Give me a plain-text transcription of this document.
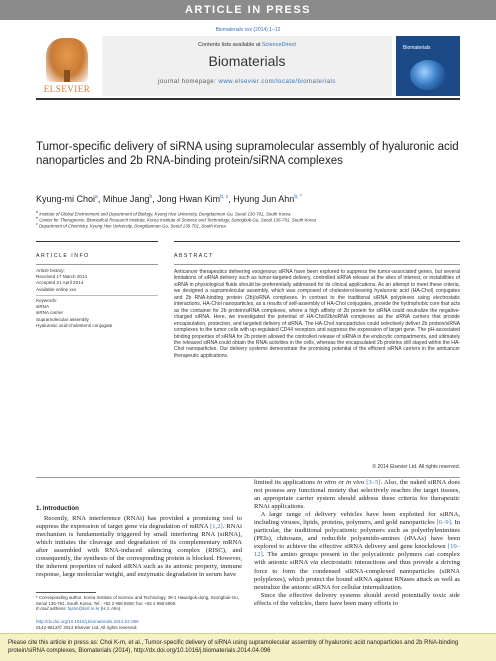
ARTICLE IN PRESS
Biomaterials xxx (2014) 1–12
ELSEVIER
Contents lists available at ScienceDirect
Biomaterials
journal homepage: www.elsevier.com/locate/biomaterials
Biomaterials
Tumor-specific delivery of siRNA using supramolecular assembly of hyaluronic acid nanoparticles and 2b RNA-binding protein/siRNA complexes
Kyung-mi Choi$^a$, Mihue Jang$^b$, Jong Hwan Kim$^{b, c}$, Hyung Jun Ahn$^{b, *}$
$^a$ Institute of Global Environment and Department of Biology, Kyung Hee University, Dongdaemun-Gu, Seoul 130-701, South Korea
$^b$ Center for Theragnosis, Biomedical Research Institute, Korea Institute of Science and Technology, Seongbuk-Gu, Seoul 136-791, South Korea
$^c$ Department of Chemistry, Kyung Hee University, Dongdaemun-Gu, Seoul 130-701, South Korea
ARTICLE INFO	ABSTRACT
Article history:
Received 17 March 2014
Accepted 21 April 2014
Available online xxx
Keywords:
siRNA
siRNA carrier
Supramolecular assembly
Hyaluronic acid-cholesterol conjugate
Anticancer therapeutics delivering exogenous siRNA have been explored to suppress the tumor-associated genes, but several limitations of siRNA delivery such as tumor-targeted delivery, controlled siRNA release at the sites of interest, or instabilities of siRNA in physiological fluids should be preferentially addressed for its clinical applications. As an attempt to meet these criteria, we designed a supramolecular assembly, which was composed of cholesterol-bearing hyaluronic acid (HA-Chol) conjugates and 2b RNA-binding protein (2b)/siRNA complexes. In contrast to the traditional siRNA polyplexes using electrostatic interactions, HA-Chol nanoparticles, as a results of self-assembly of HA-Chol conjugates, provide the hydrophobic core that acts as the container for 2b protein/siRNA complexes, where a high affinity of 2b protein for siRNA could neutralize the negative-charged siRNA. Here, we investigated the potential of HA-Chol/2b/siRNA complexes as the siRNA carriers that provide encapsulation, protection, and targeted delivery of siRNA. The HA-Chol nanoparticles could selectively deliver 2b protein/siRNA complexes to the tumor cells with up-regulated CD44 receptors and suppress the expression of target gene. The pH-associated binding properties of siRNA for 2b protein allowed the controlled release of siRNA in the endocytic compartments, and ultimately the released siRNA could obtain the RNAi activities in the cells, whereas the encapsulated 2b proteins still stayed within the HA-Chol nanoparticles. Our delivery systems demonstrate the promising potential of the efficient siRNA carriers in the anticancer therapeutic applications.
© 2014 Elsevier Ltd. All rights reserved.
1. Introduction

Recently, RNA interference (RNAi) has provided a promising tool to suppress the expression of target gene via degradation of mRNA [1,2]. RNAi mechanism is fundamentally triggered by small interfering RNA (siRNA), which initiates the cleavage and degradation of its complementary mRNA after assembled with RNA-induced silencing complex (RISC), and consequently, the synthesis of the corresponding protein is blocked. However, the inherent properties of naked siRNA such as its anionic property, immune response, large molecular weight, and enzymatic degradation in serum have

limited its applications in vitro or in vivo [3–5]. Also, the naked siRNA does not possess any functional moiety that selectively reaches the target tissues, an appropriate carrier system should address these criteria for therapeutic RNAi applications.

 A large range of delivery vehicles have been exploited for siRNA, including viruses, lipids, proteins, polymers, and gold nanoparticles [6–9]. In particular, the traditional polycationic polymers such as polyethylenimines (PEIs), chitosans, and reducible polyamido-amines (rPAAs) have been explored to achieve the effective siRNA delivery and gene knockdown [10–12]. The amino groups present in the polycationic polymers can complex with anionic siRNA via electrostatic interactions and thus provide a driving force to form the condensed siRNA-complexed nanoparticles (siRNA polyplexes), which protect the bound siRNA against RNases attack as well as neutralize the anionic siRNA for cellular internalization.

 Since the effective delivery systems should avoid potentially toxic side effects of the vehicles, there have been many efforts to

* Corresponding author. Korea Institute of Science and Technology, 39-1 Hawolgok-dong, Seongbuk-Gu, Seoul 136-791, South Korea. Tel.: +82 2 958 5938; fax: +82 2 958 5909.
E-mail address: hjahn@kist.re.kr (H.J. Ahn).
http://dx.doi.org/10.1016/j.biomaterials.2014.04.096
0142-9612/© 2014 Elsevier Ltd. All rights reserved.
Please cite this article in press as: Choi K-m, et al., Tumor-specific delivery of siRNA using supramolecular assembly of hyaluronic acid nanoparticles and 2b RNA-binding protein/siRNA complexes, Biomaterials (2014), http://dx.doi.org/10.1016/j.biomaterials.2014.04.096
